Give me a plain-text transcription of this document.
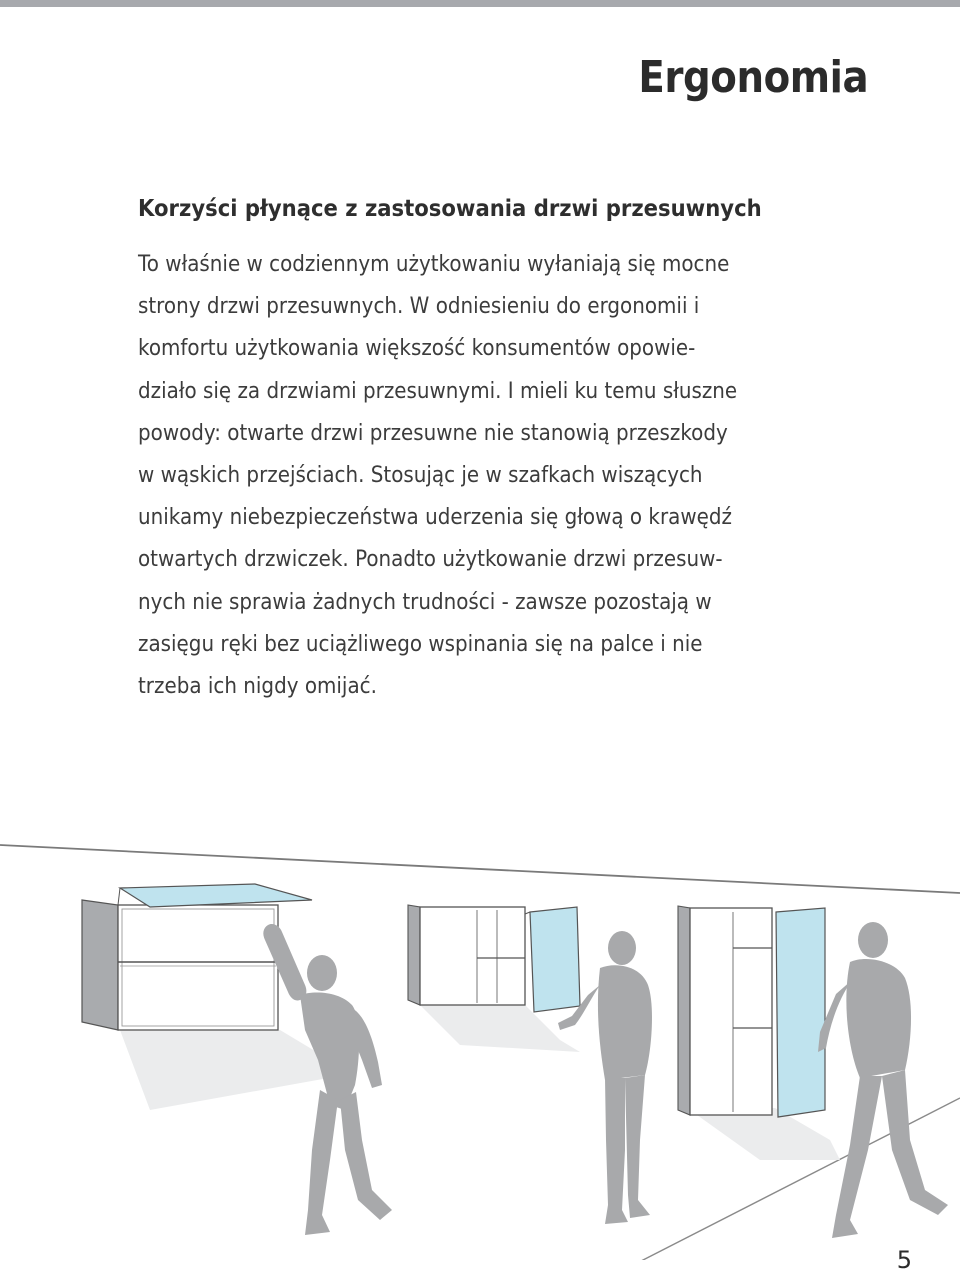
Ergonomia
Korzyści płynące z zastosowania drzwi przesuwnych
To właśnie w codziennym użytkowaniu wyłaniają się mocne
strony drzwi przesuwnych. W odniesieniu do ergonomii i
komfortu użytkowania większość konsumentów opowie-
działo się za drzwiami przesuwnymi. I mieli ku temu słuszne
powody: otwarte drzwi przesuwne nie stanowią przeszkody
w wąskich przejściach. Stosując je w szafkach wiszących
unikamy niebezpieczeństwa uderzenia się głową o krawędź
otwartych drzwiczek. Ponadto użytkowanie drzwi przesuw-
nych nie sprawia żadnych trudności - zawsze pozostają w
zasięgu ręki bez uciążliwego wspinania się na palce i nie
trzeba ich nigdy omijać.
5
